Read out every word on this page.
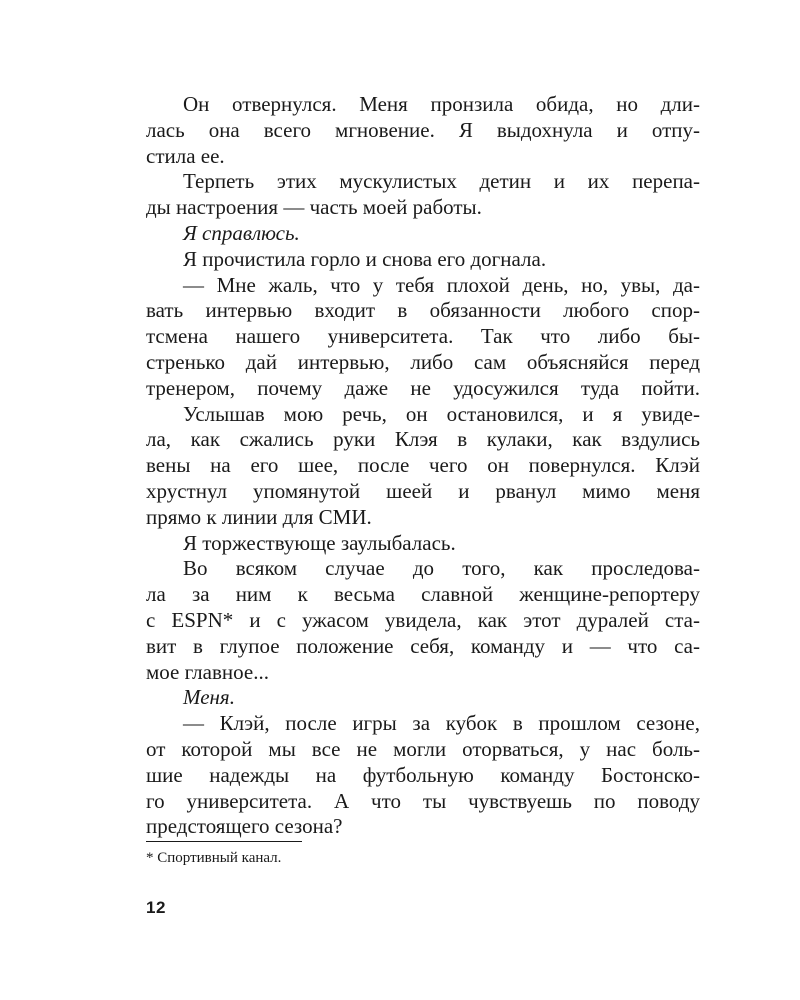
Он отвернулся. Меня пронзила обида, но дли-
лась она всего мгновение. Я выдохнула и отпу-
стила ее.
Терпеть этих мускулистых детин и их перепа-
ды настроения — часть моей работы.
Я справлюсь.
Я прочистила горло и снова его догнала.
— Мне жаль, что у тебя плохой день, но, увы, да-
вать интервью входит в обязанности любого спор-
тсмена нашего университета. Так что либо бы-
стренько дай интервью, либо сам объясняйся перед
тренером, почему даже не удосужился туда пойти.
Услышав мою речь, он остановился, и я увиде-
ла, как сжались руки Клэя в кулаки, как вздулись
вены на его шее, после чего он повернулся. Клэй
хрустнул упомянутой шеей и рванул мимо меня
прямо к линии для СМИ.
Я торжествующе заулыбалась.
Во всяком случае до того, как проследова-
ла за ним к весьма славной женщине-репортеру
с ESPN* и с ужасом увидела, как этот дуралей ста-
вит в глупое положение себя, команду и — что са-
мое главное...
Меня.
— Клэй, после игры за кубок в прошлом сезоне,
от которой мы все не могли оторваться, у нас боль-
шие надежды на футбольную команду Бостонско-
го университета. А что ты чувствуешь по поводу
предстоящего сезона?
* Спортивный канал.
12
